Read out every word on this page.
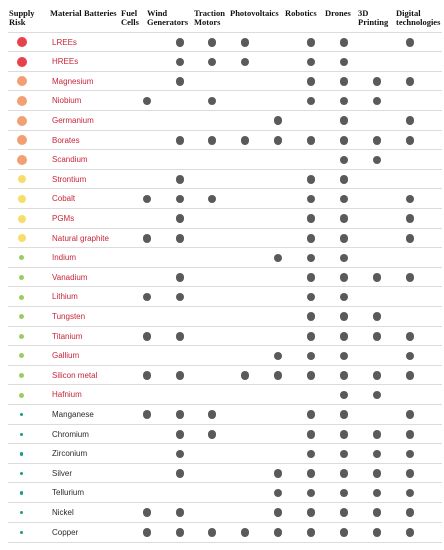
Supply
Risk
Material Batteries Fuel
Cells
Wind
Generators
Traction
Motors
Photovoltaics Robotics Drones 3D
Printing
Digital
technologies
LREEs
HREEs
Magnesium
Niobium
Germanium
Borates
Scandium
Strontium
Cobalt
PGMs
Natural graphite
Indium
Vanadium
Lithium
Tungsten
Titanium
Gallium
Silicon metal
Hafnium
Manganese
Chromium
Zirconium
Silver
Tellurium
Nickel
Copper
